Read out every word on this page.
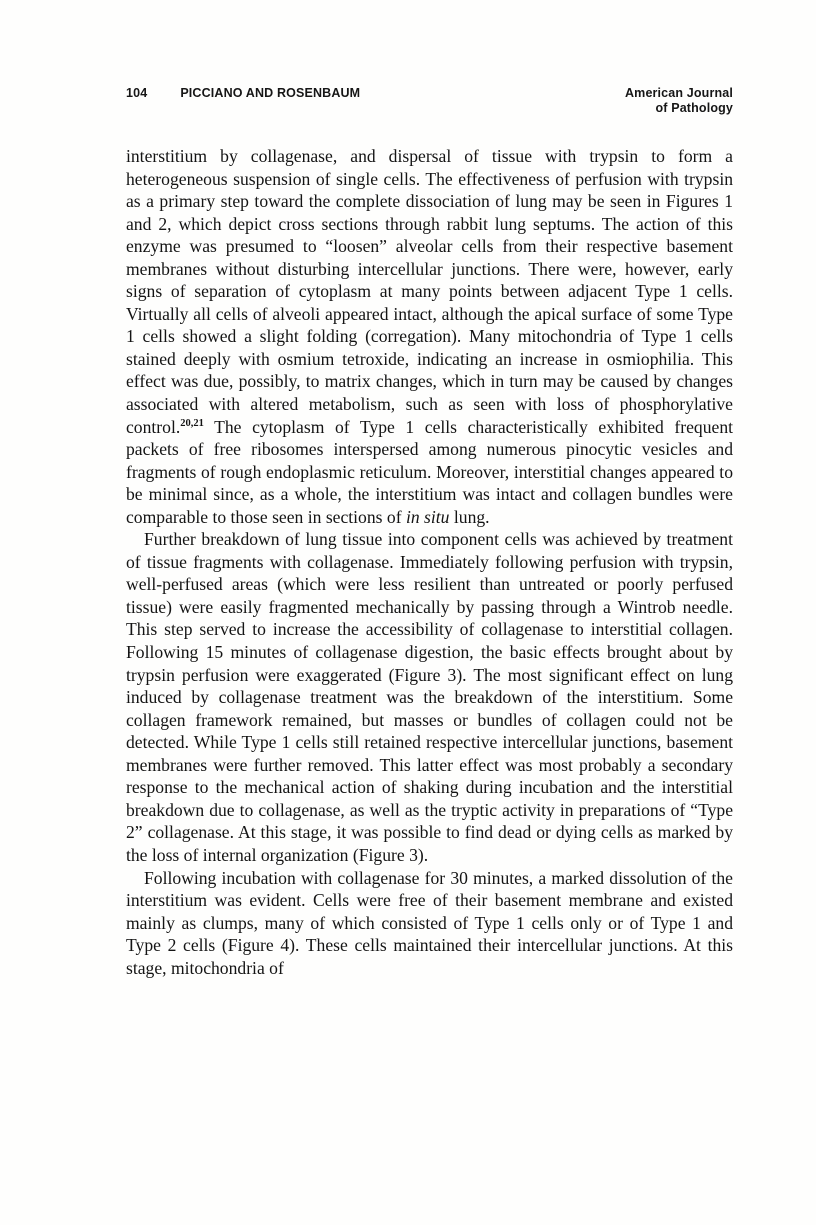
104	PICCIANO AND ROSENBAUM	American Journal
of Pathology

interstitium by collagenase, and dispersal of tissue with trypsin to form a heterogeneous suspension of single cells. The effectiveness of perfusion with trypsin as a primary step toward the complete dissociation of lung may be seen in Figures 1 and 2, which depict cross sections through rabbit lung septums. The action of this enzyme was presumed to “loosen” alveolar cells from their respective basement membranes without disturbing intercellular junctions. There were, however, early signs of separation of cytoplasm at many points between adjacent Type 1 cells. Virtually all cells of alveoli appeared intact, although the apical surface of some Type 1 cells showed a slight folding (corregation). Many mitochondria of Type 1 cells stained deeply with osmium tetroxide, indicating an increase in osmiophilia. This effect was due, possibly, to matrix changes, which in turn may be caused by changes associated with altered metabolism, such as seen with loss of phosphorylative control.$^{20,21}$ The cytoplasm of Type 1 cells characteristically exhibited frequent packets of free ribosomes interspersed among numerous pinocytic vesicles and fragments of rough endoplasmic reticulum. Moreover, interstitial changes appeared to be minimal since, as a whole, the interstitium was intact and collagen bundles were comparable to those seen in sections of in situ lung.

Further breakdown of lung tissue into component cells was achieved by treatment of tissue fragments with collagenase. Immediately following perfusion with trypsin, well-perfused areas (which were less resilient than untreated or poorly perfused tissue) were easily fragmented mechanically by passing through a Wintrob needle. This step served to increase the accessibility of collagenase to interstitial collagen. Following 15 minutes of collagenase digestion, the basic effects brought about by trypsin perfusion were exaggerated (Figure 3). The most significant effect on lung induced by collagenase treatment was the breakdown of the interstitium. Some collagen framework remained, but masses or bundles of collagen could not be detected. While Type 1 cells still retained respective intercellular junctions, basement membranes were further removed. This latter effect was most probably a secondary response to the mechanical action of shaking during incubation and the interstitial breakdown due to collagenase, as well as the tryptic activity in preparations of “Type 2” collagenase. At this stage, it was possible to find dead or dying cells as marked by the loss of internal organization (Figure 3).

Following incubation with collagenase for 30 minutes, a marked dissolution of the interstitium was evident. Cells were free of their basement membrane and existed mainly as clumps, many of which consisted of Type 1 cells only or of Type 1 and Type 2 cells (Figure 4). These cells maintained their intercellular junctions. At this stage, mitochondria of
